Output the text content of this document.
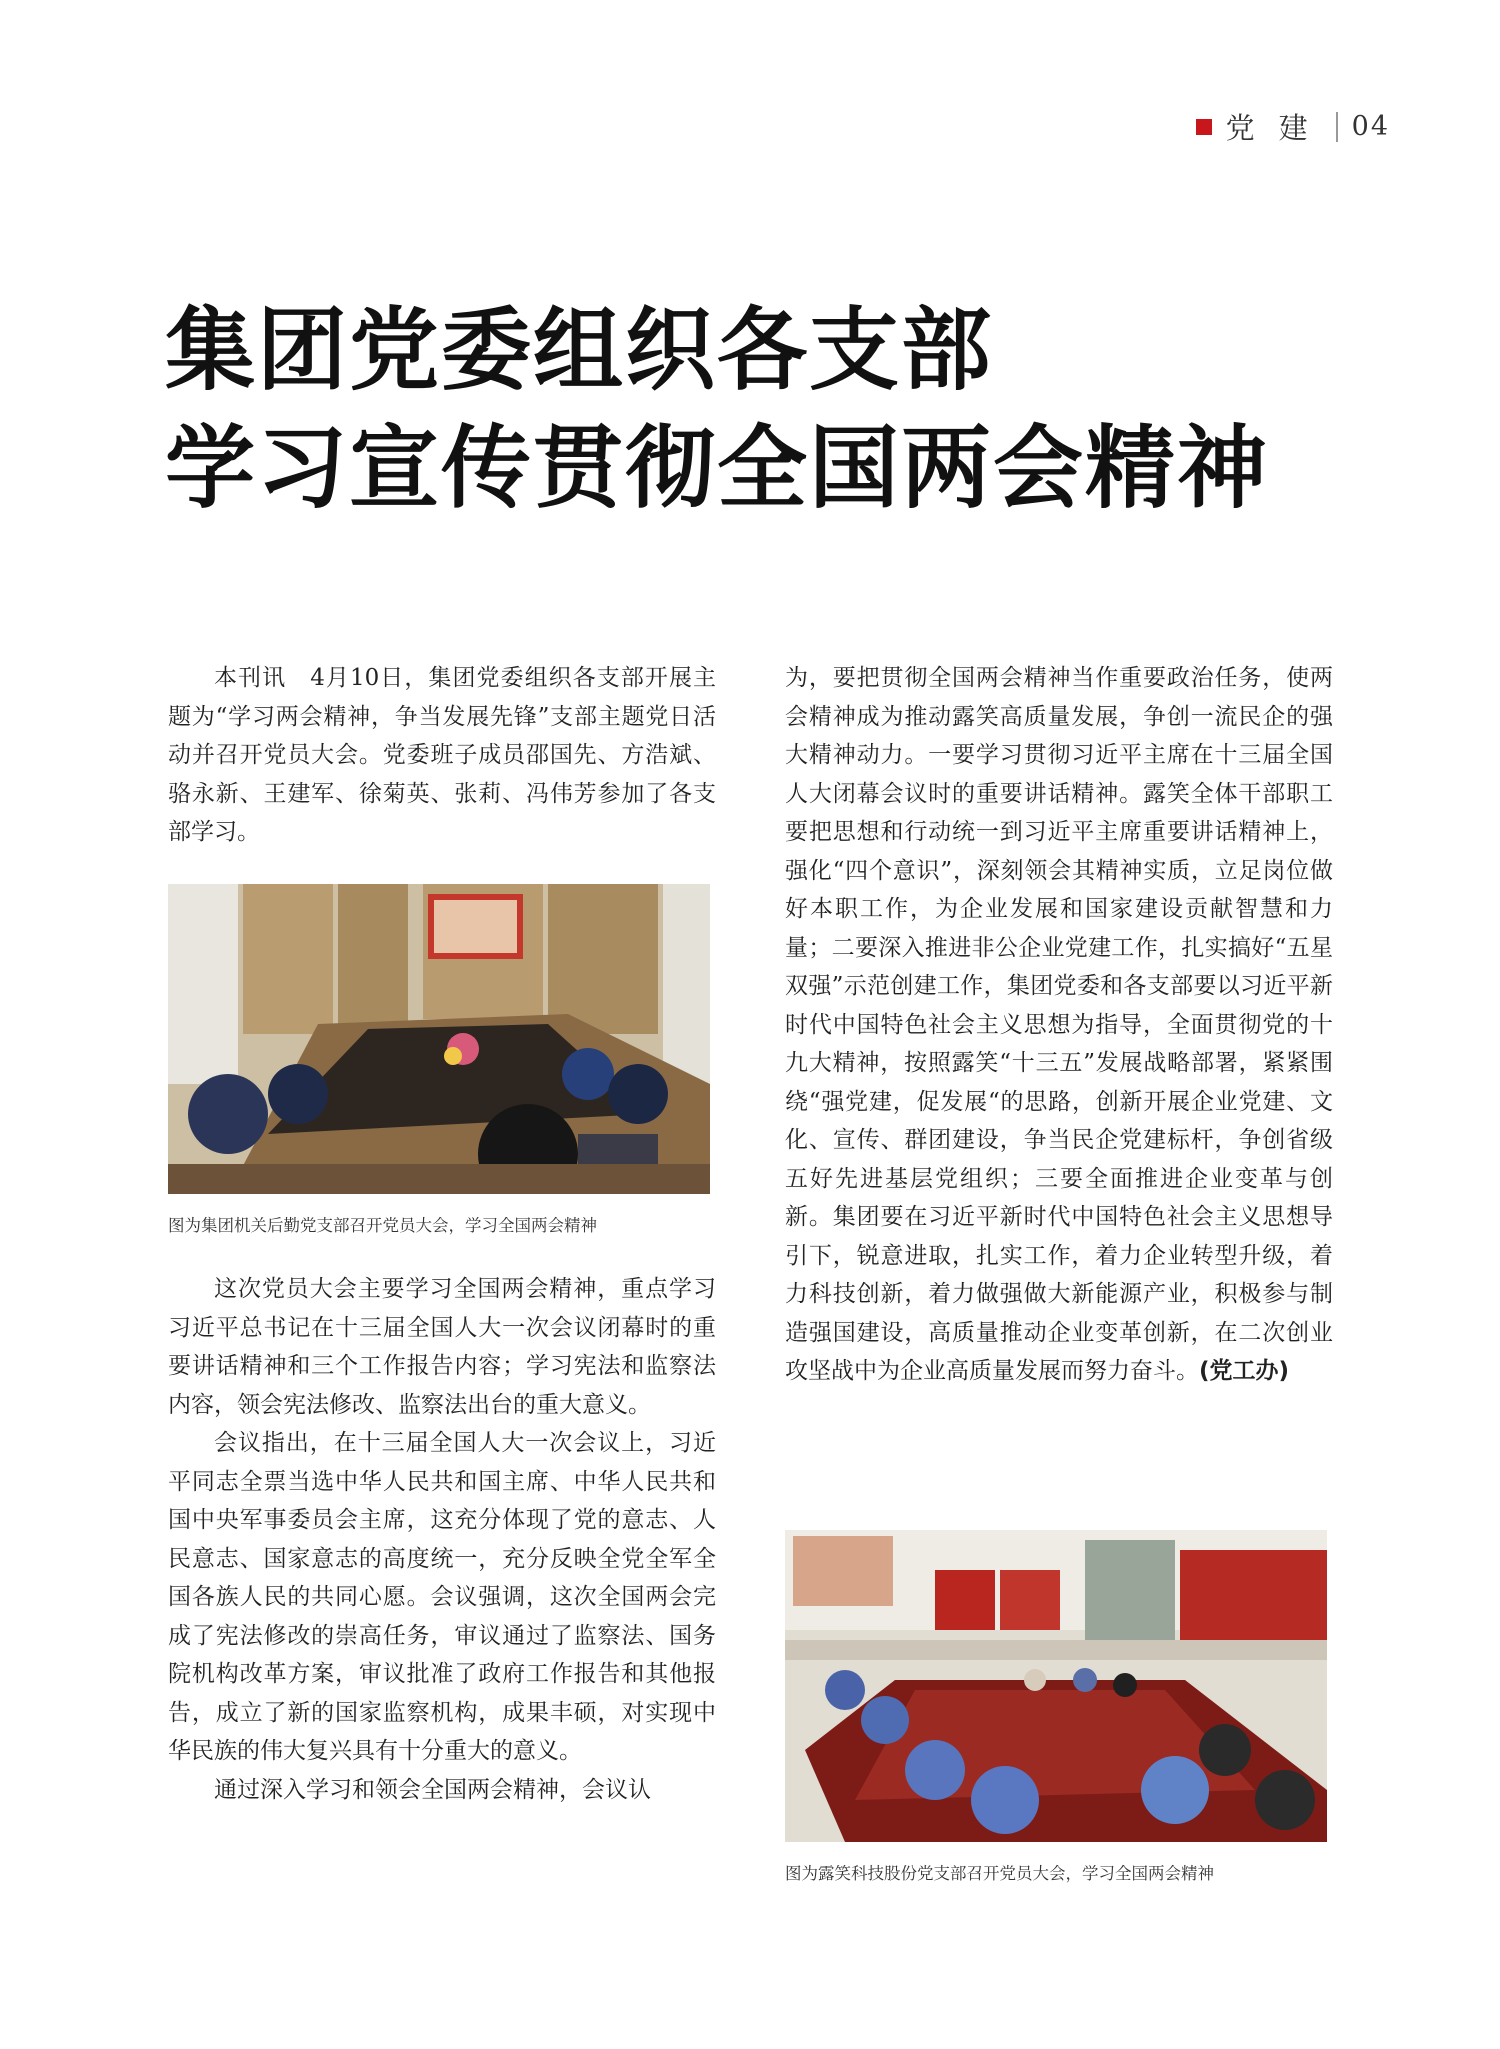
党建 04
集团党委组织各支部
学习宣传贯彻全国两会精神

本刊讯　4月10日，集团党委组织各支部开展主题为“学习两会精神，争当发展先锋”支部主题党日活动并召开党员大会。党委班子成员邵国先、方浩斌、骆永新、王建军、徐菊英、张莉、冯伟芳参加了各支部学习。

图为集团机关后勤党支部召开党员大会，学习全国两会精神

这次党员大会主要学习全国两会精神，重点学习习近平总书记在十三届全国人大一次会议闭幕时的重要讲话精神和三个工作报告内容；学习宪法和监察法内容，领会宪法修改、监察法出台的重大意义。

会议指出，在十三届全国人大一次会议上，习近平同志全票当选中华人民共和国主席、中华人民共和国中央军事委员会主席，这充分体现了党的意志、人民意志、国家意志的高度统一，充分反映全党全军全国各族人民的共同心愿。会议强调，这次全国两会完成了宪法修改的崇高任务，审议通过了监察法、国务院机构改革方案，审议批准了政府工作报告和其他报告，成立了新的国家监察机构，成果丰硕，对实现中华民族的伟大复兴具有十分重大的意义。

通过深入学习和领会全国两会精神，会议认

为，要把贯彻全国两会精神当作重要政治任务，使两会精神成为推动露笑高质量发展，争创一流民企的强大精神动力。一要学习贯彻习近平主席在十三届全国人大闭幕会议时的重要讲话精神。露笑全体干部职工要把思想和行动统一到习近平主席重要讲话精神上，强化“四个意识”，深刻领会其精神实质，立足岗位做好本职工作，为企业发展和国家建设贡献智慧和力量；二要深入推进非公企业党建工作，扎实搞好“五星双强”示范创建工作，集团党委和各支部要以习近平新时代中国特色社会主义思想为指导，全面贯彻党的十九大精神，按照露笑“十三五”发展战略部署，紧紧围绕“强党建，促发展“的思路，创新开展企业党建、文化、宣传、群团建设，争当民企党建标杆，争创省级五好先进基层党组织；三要全面推进企业变革与创新。集团要在习近平新时代中国特色社会主义思想导引下，锐意进取，扎实工作，着力企业转型升级，着力科技创新，着力做强做大新能源产业，积极参与制造强国建设，高质量推动企业变革创新，在二次创业攻坚战中为企业高质量发展而努力奋斗。(党工办)

图为露笑科技股份党支部召开党员大会，学习全国两会精神
